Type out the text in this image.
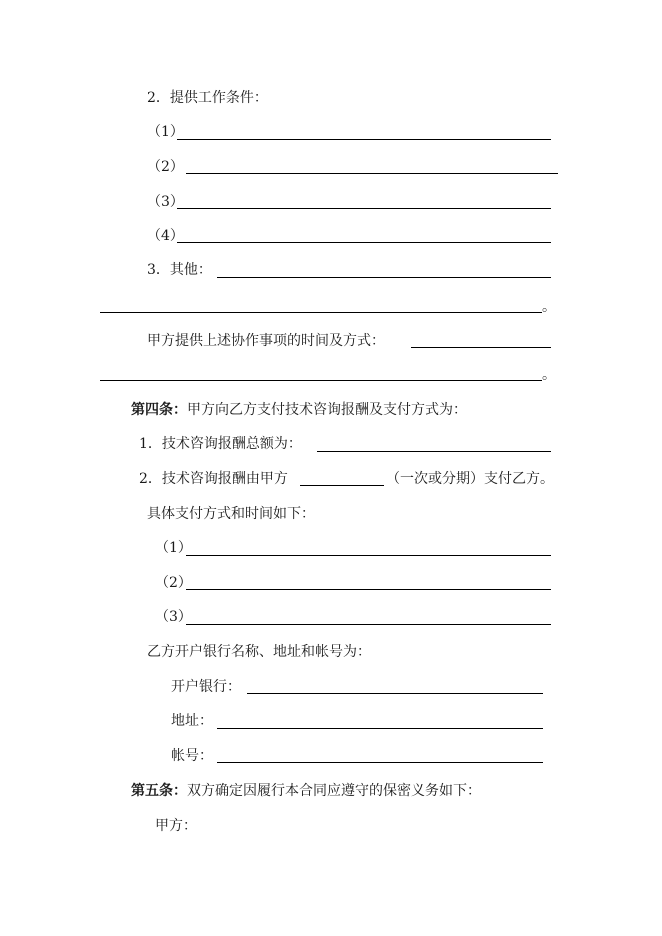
2．提供工作条件：
（1）
（2）
（3）
（4）
3．其他：
。
甲方提供上述协作事项的时间及方式：
。
第四条：甲方向乙方支付技术咨询报酬及支付方式为：
1．技术咨询报酬总额为：
2．技术咨询报酬由甲方	（一次或分期）支付乙方。
具体支付方式和时间如下：
（1）
（2）
（3）
乙方开户银行名称、地址和帐号为：
开户银行：
地址：
帐号：
第五条：双方确定因履行本合同应遵守的保密义务如下：
甲方：
